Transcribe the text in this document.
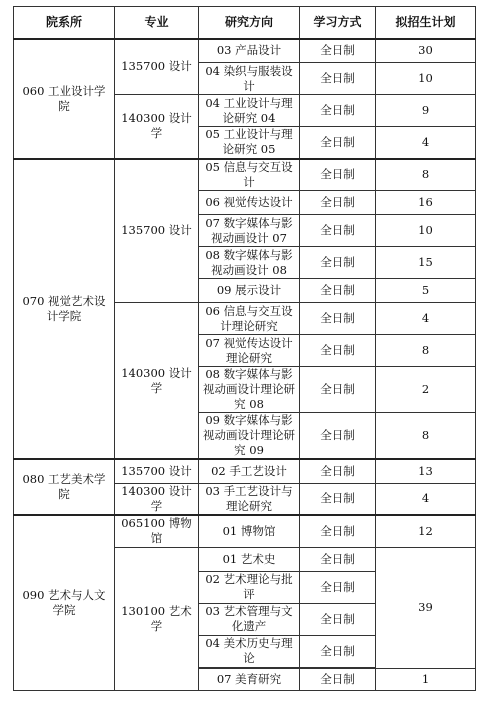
院系所	专业	研究方向	学习方式	拟招生计划
060 工业设计学院	135700 设计	03 产品设计	全日制	30
		04 染织与服装设计	全日制	10
	140300 设计学	04 工业设计与理论研究 04	全日制	9
		05 工业设计与理论研究 05	全日制	4
070 视觉艺术设计学院	135700 设计	05 信息与交互设计	全日制	8
		06 视觉传达设计	全日制	16
		07 数字媒体与影视动画设计 07	全日制	10
		08 数字媒体与影视动画设计 08	全日制	15
		09 展示设计	全日制	5
	140300 设计学	06 信息与交互设计理论研究	全日制	4
		07 视觉传达设计理论研究	全日制	8
		08 数字媒体与影视动画设计理论研究 08	全日制	2
		09 数字媒体与影视动画设计理论研究 09	全日制	8
080 工艺美术学院	135700 设计	02 手工艺设计	全日制	13
	140300 设计学	03 手工艺设计与理论研究	全日制	4
090 艺术与人文学院	065100 博物馆	01 博物馆	全日制	12
	130100 艺术学	01 艺术史	全日制	39
		02 艺术理论与批评	全日制	
		03 艺术管理与文化遗产	全日制	
		04 美术历史与理论	全日制	

		07 美育研究	全日制	1
